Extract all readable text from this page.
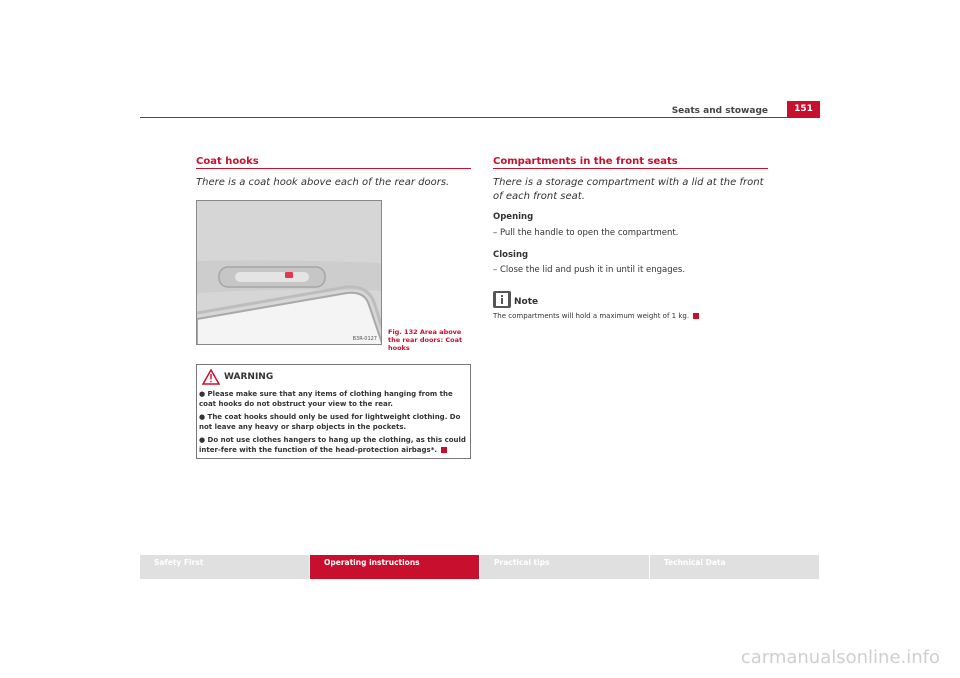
Seats and stowage	151
Coat hooks
There is a coat hook above each of the rear doors.
B3R-0127
Fig. 132 Area above the rear doors: Coat hooks
WARNING
● Please make sure that any items of clothing hanging from the coat hooks do not obstruct your view to the rear.
● The coat hooks should only be used for lightweight clothing. Do not leave any heavy or sharp objects in the pockets.
● Do not use clothes hangers to hang up the clothing, as this could inter-fere with the function of the head-protection airbags*.
Compartments in the front seats
There is a storage compartment with a lid at the front of each front seat.
Opening
– Pull the handle to open the compartment.
Closing
– Close the lid and push it in until it engages.
Note
The compartments will hold a maximum weight of 1 kg.
Safety First	Operating instructions	Practical tips	Technical Data
carmanualsonline.info
